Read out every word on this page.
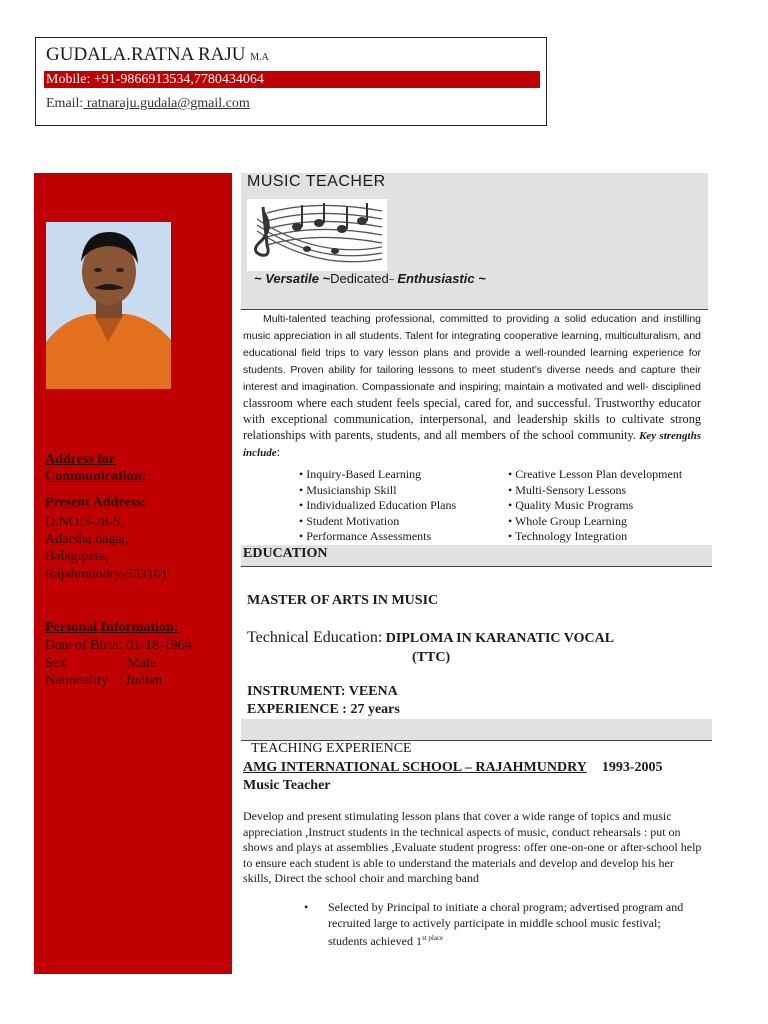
GUDALA.RATNA RAJU M.A
Mobile: +91-9866913534,7780434064
Email: ratnaraju.gudala@gmail.com
Address for
Communication:
Present Address:
D.NO:3-28-5,
Adarsha nagar,
Balagipeta,
Rajahmundry-533101
Personal Information:
Date of Birth: 01-18-1964
Sex	: Male
Nationality : Indian
MUSIC TEACHER
~ Versatile ~Dedicated~ Enthusiastic ~
Multi-talented teaching professional, committed to providing a solid education and instilling music appreciation in all students. Talent for integrating cooperative learning, multiculturalism, and educational field trips to vary lesson plans and provide a well-rounded learning experience for students. Proven ability for tailoring lessons to meet student’s diverse needs and capture their interest and imagination. Compassionate and inspiring; maintain a motivated and well- disciplined classroom where each student feels special, cared for, and successful. Trustworthy educator with exceptional communication, interpersonal, and leadership skills to cultivate strong relationships with parents, students, and all members of the school community. Key strengths include:
• Inquiry-Based Learning
• Musicianship Skill
• Individualized Education Plans
• Student Motivation
• Performance Assessments
• Creative Lesson Plan development
• Multi-Sensory Lessons
• Quality Music Programs
• Whole Group Learning
• Technology Integration
EDUCATION
MASTER OF ARTS IN MUSIC
Technical Education: DIPLOMA IN KARANATIC VOCAL
(TTC)
INSTRUMENT: VEENA
EXPERIENCE : 27 years
TEACHING EXPERIENCE
AMG INTERNATIONAL SCHOOL – RAJAHMUNDRY 1993-2005
Music Teacher
Develop and present stimulating lesson plans that cover a wide range of topics and music appreciation ,Instruct students in the technical aspects of music, conduct rehearsals : put on shows and plays at assemblies ,Evaluate student progress: offer one-on-one or after-school help to ensure each student is able to understand the materials and develop and develop his her skills, Direct the school choir and marching band
•	Selected by Principal to initiate a choral program; advertised program and recruited large to actively participate in middle school music festival; students achieved $1^{st place}$
